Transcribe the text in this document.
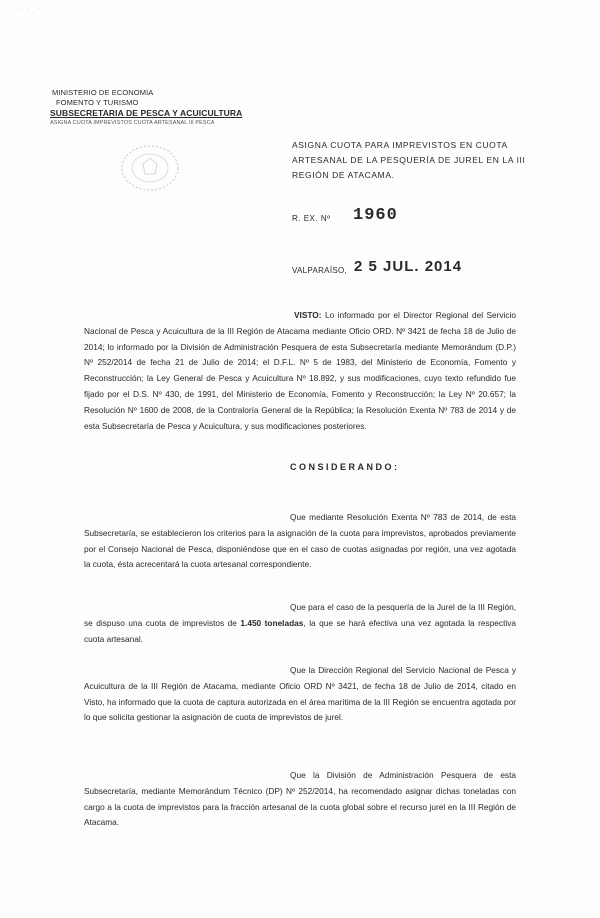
· · ·
MINISTERIO DE ECONOMIA
FOMENTO Y TURISMO
SUBSECRETARIA DE PESCA Y ACUICULTURA
ASIGNA CUOTA IMPREVISTOS CUOTA ARTESANAL III PESCA
ASIGNA CUOTA PARA IMPREVISTOS EN CUOTA ARTESANAL DE LA PESQUERÍA DE JUREL EN LA III REGIÓN DE ATACAMA.
R. EX. Nº 1960
VALPARAÍSO, 2 5 JUL. 2014
VISTO: Lo informado por el Director Regional del Servicio Nacional de Pesca y Acuicultura de la III Región de Atacama mediante Oficio ORD. Nº 3421 de fecha 18 de Julio de 2014; lo informado por la División de Administración Pesquera de esta Subsecretaría mediante Memorándum (D.P.) Nº 252/2014 de fecha 21 de Julio de 2014; el D.F.L. Nº 5 de 1983, del Ministerio de Economía, Fomento y Reconstrucción; la Ley General de Pesca y Acuicultura Nº 18.892, y sus modificaciones, cuyo texto refundido fue fijado por el D.S. Nº 430, de 1991, del Ministerio de Economía, Fomento y Reconstrucción; la Ley Nº 20.657; la Resolución Nº 1600 de 2008, de la Contraloría General de la República; la Resolución Exenta Nº 783 de 2014 y de esta Subsecretaría de Pesca y Acuicultura, y sus modificaciones posteriores.
CONSIDERANDO:
Que mediante Resolución Exenta Nº 783 de 2014, de esta Subsecretaría, se establecieron los criterios para la asignación de la cuota para imprevistos, aprobados previamente por el Consejo Nacional de Pesca, disponiéndose que en el caso de cuotas asignadas por región, una vez agotada la cuota, ésta acrecentará la cuota artesanal correspondiente.
Que para el caso de la pesquería de la Jurel de la III Región, se dispuso una cuota de imprevistos de 1.450 toneladas, la que se hará efectiva una vez agotada la respectiva cuota artesanal.
Que la Dirección Regional del Servicio Nacional de Pesca y Acuicultura de la III Región de Atacama, mediante Oficio ORD Nº 3421, de fecha 18 de Julio de 2014, citado en Visto, ha informado que la cuota de captura autorizada en el área marítima de la III Región se encuentra agotada por lo que solicita gestionar la asignación de cuota de imprevistos de jurel.
Que la División de Administración Pesquera de esta Subsecretaría, mediante Memorándum Técnico (DP) Nº 252/2014, ha recomendado asignar dichas toneladas con cargo a la cuota de imprevistos para la fracción artesanal de la cuota global sobre el recurso jurel en la III Región de Atacama.
